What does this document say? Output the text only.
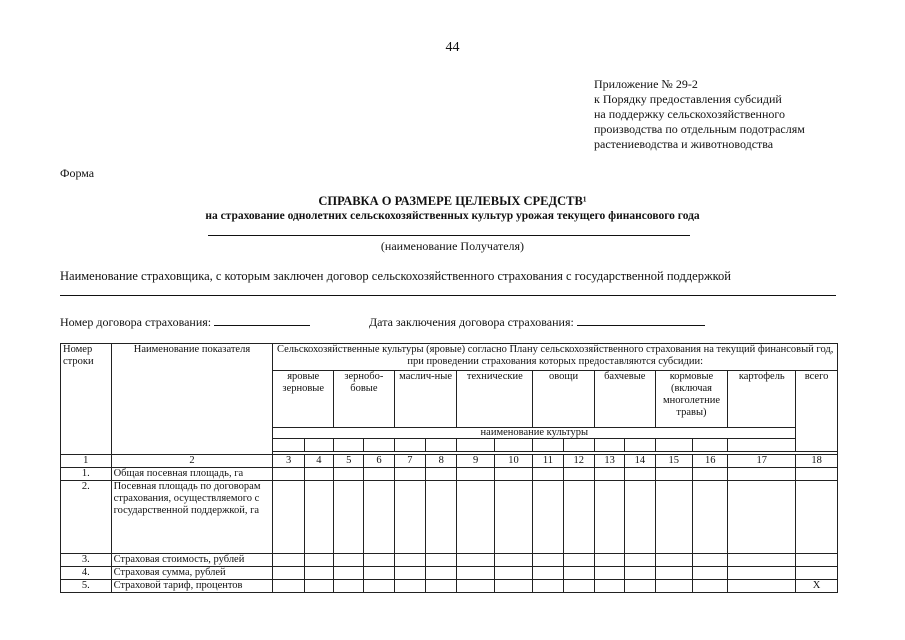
44
Приложение № 29-2
к Порядку предоставления субсидий
на поддержку сельскохозяйственного
производства по отдельным подотраслям
растениеводства и животноводства
Форма
СПРАВКА О РАЗМЕРЕ ЦЕЛЕВЫХ СРЕДСТВ¹
на страхование однолетних сельскохозяйственных культур урожая текущего финансового года
(наименование Получателя)
Наименование страховщика, с которым заключен договор сельскохозяйственного страхования с государственной поддержкой
Номер договора страхования:	Дата заключения договора страхования:
Номер строки	Наименование показателя	Сельскохозяйственные культуры (яровые) согласно Плану сельскохозяйственного страхования на текущий финансовый год, при проведении страхования которых предоставляются субсидии:															
		яровые зерновые		зернобо-бовые		маслич-ные		технические		овощи		бахчевые		кормовые (включая многолетние травы)		картофель	всего
		наименование культуры															

1	2	3	4	5	6	7	8	9	10	11	12	13	14	15	16	17	18
1.	Общая посевная площадь, га																
2.	Посевная площадь по договорам страхования, осуществляемого с государственной поддержкой, га																
3.	Страховая стоимость, рублей																
4.	Страховая сумма, рублей																
5.	Страховой тариф, процентов																X
